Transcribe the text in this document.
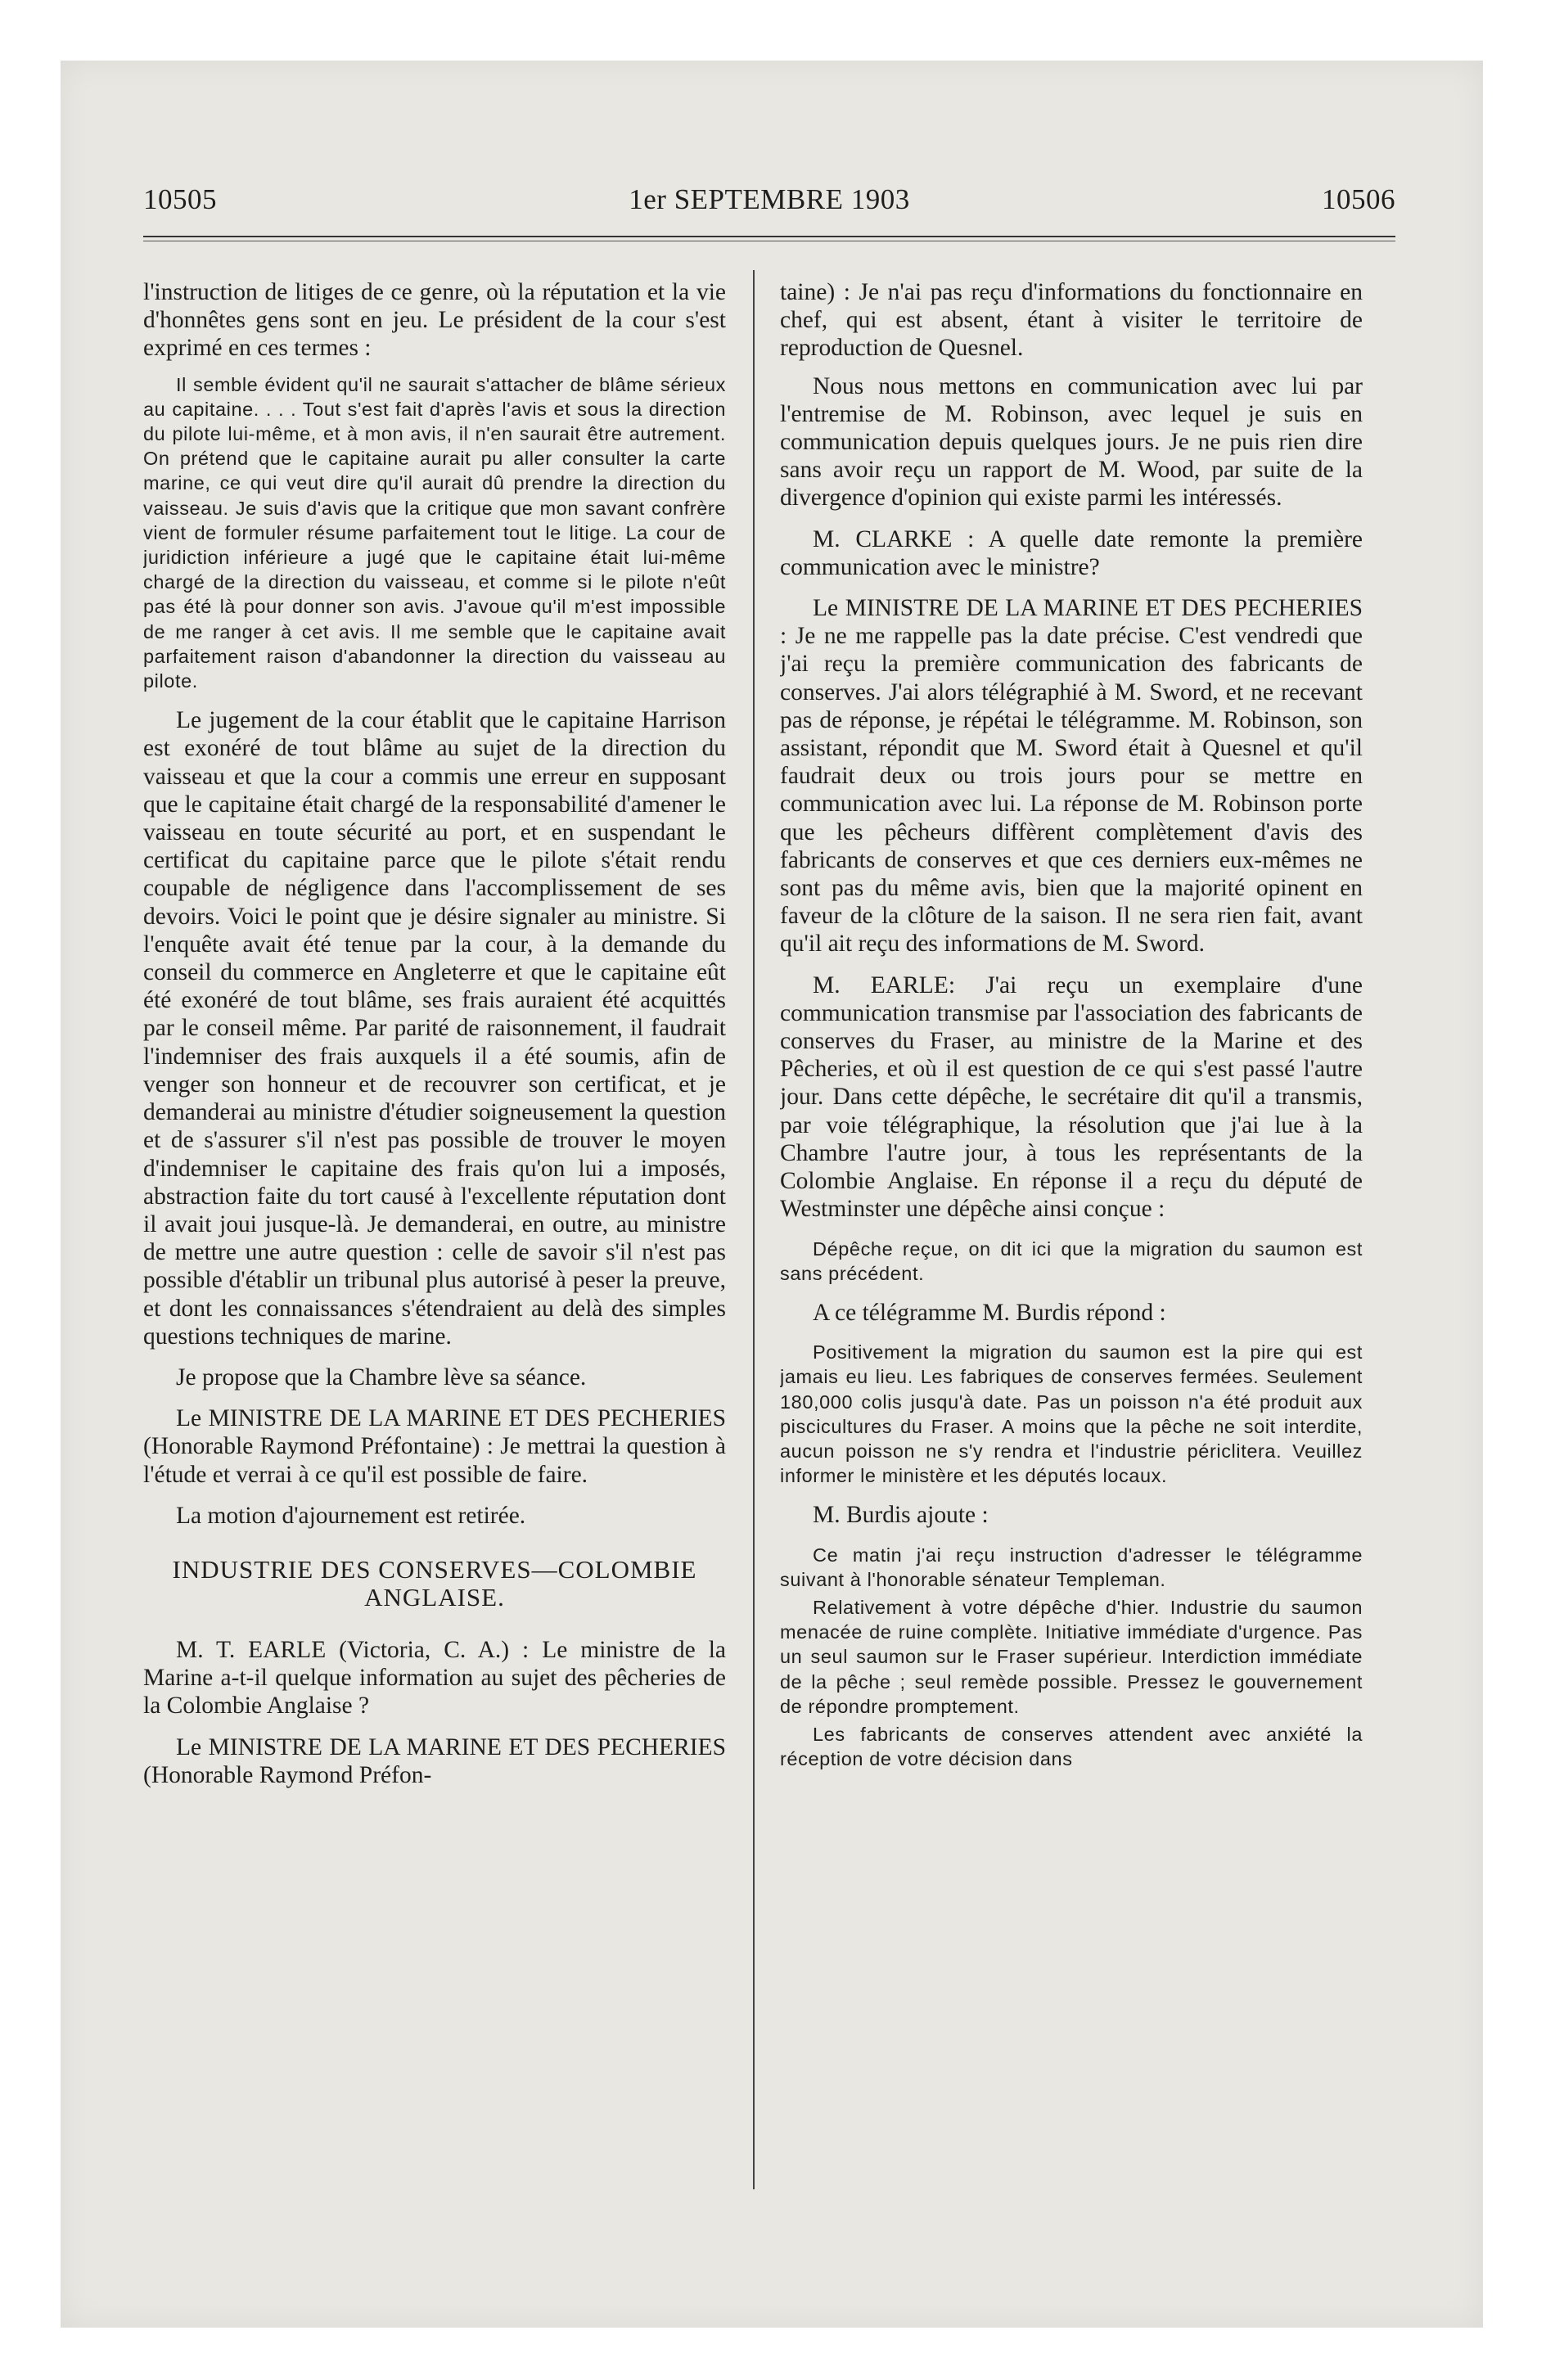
10505	1er SEPTEMBRE 1903	10506

l'instruction de litiges de ce genre, où la réputation et la vie d'honnêtes gens sont en jeu. Le président de la cour s'est exprimé en ces termes :

Il semble évident qu'il ne saurait s'attacher de blâme sérieux au capitaine. . . . Tout s'est fait d'après l'avis et sous la direction du pilote lui-même, et à mon avis, il n'en saurait être autrement. On prétend que le capitaine aurait pu aller consulter la carte marine, ce qui veut dire qu'il aurait dû prendre la direction du vaisseau. Je suis d'avis que la critique que mon savant confrère vient de formuler résume parfaitement tout le litige. La cour de juridiction inférieure a jugé que le capitaine était lui-même chargé de la direction du vaisseau, et comme si le pilote n'eût pas été là pour donner son avis. J'avoue qu'il m'est impossible de me ranger à cet avis. Il me semble que le capitaine avait parfaitement raison d'abandonner la direction du vaisseau au pilote.

Le jugement de la cour établit que le capitaine Harrison est exonéré de tout blâme au sujet de la direction du vaisseau et que la cour a commis une erreur en supposant que le capitaine était chargé de la responsabilité d'amener le vaisseau en toute sécurité au port, et en suspendant le certificat du capitaine parce que le pilote s'était rendu coupable de négligence dans l'accomplissement de ses devoirs. Voici le point que je désire signaler au ministre. Si l'enquête avait été tenue par la cour, à la demande du conseil du commerce en Angleterre et que le capitaine eût été exonéré de tout blâme, ses frais auraient été acquittés par le conseil même. Par parité de raisonnement, il faudrait l'indemniser des frais auxquels il a été soumis, afin de venger son honneur et de recouvrer son certificat, et je demanderai au ministre d'étudier soigneusement la question et de s'assurer s'il n'est pas possible de trouver le moyen d'indemniser le capitaine des frais qu'on lui a imposés, abstraction faite du tort causé à l'excellente réputation dont il avait joui jusque-là. Je demanderai, en outre, au ministre de mettre une autre question : celle de savoir s'il n'est pas possible d'établir un tribunal plus autorisé à peser la preuve, et dont les connaissances s'étendraient au delà des simples questions techniques de marine.

Je propose que la Chambre lève sa séance.

Le MINISTRE DE LA MARINE ET DES PECHERIES (Honorable Raymond Préfontaine) : Je mettrai la question à l'étude et verrai à ce qu'il est possible de faire.

La motion d'ajournement est retirée.

INDUSTRIE DES CONSERVES—COLOMBIE ANGLAISE.

M. T. EARLE (Victoria, C. A.) : Le ministre de la Marine a-t-il quelque information au sujet des pêcheries de la Colombie Anglaise ?

Le MINISTRE DE LA MARINE ET DES PECHERIES (Honorable Raymond Préfon-

taine) : Je n'ai pas reçu d'informations du fonctionnaire en chef, qui est absent, étant à visiter le territoire de reproduction de Quesnel.

Nous nous mettons en communication avec lui par l'entremise de M. Robinson, avec lequel je suis en communication depuis quelques jours. Je ne puis rien dire sans avoir reçu un rapport de M. Wood, par suite de la divergence d'opinion qui existe parmi les intéressés.

M. CLARKE : A quelle date remonte la première communication avec le ministre?

Le MINISTRE DE LA MARINE ET DES PECHERIES : Je ne me rappelle pas la date précise. C'est vendredi que j'ai reçu la première communication des fabricants de conserves. J'ai alors télégraphié à M. Sword, et ne recevant pas de réponse, je répétai le télégramme. M. Robinson, son assistant, répondit que M. Sword était à Quesnel et qu'il faudrait deux ou trois jours pour se mettre en communication avec lui. La réponse de M. Robinson porte que les pêcheurs diffèrent complètement d'avis des fabricants de conserves et que ces derniers eux-mêmes ne sont pas du même avis, bien que la majorité opinent en faveur de la clôture de la saison. Il ne sera rien fait, avant qu'il ait reçu des informations de M. Sword.

M. EARLE: J'ai reçu un exemplaire d'une communication transmise par l'association des fabricants de conserves du Fraser, au ministre de la Marine et des Pêcheries, et où il est question de ce qui s'est passé l'autre jour. Dans cette dépêche, le secrétaire dit qu'il a transmis, par voie télégraphique, la résolution que j'ai lue à la Chambre l'autre jour, à tous les représentants de la Colombie Anglaise. En réponse il a reçu du député de Westminster une dépêche ainsi conçue :

Dépêche reçue, on dit ici que la migration du saumon est sans précédent.

A ce télégramme M. Burdis répond :

Positivement la migration du saumon est la pire qui est jamais eu lieu. Les fabriques de conserves fermées. Seulement 180,000 colis jusqu'à date. Pas un poisson n'a été produit aux piscicultures du Fraser. A moins que la pêche ne soit interdite, aucun poisson ne s'y rendra et l'industrie périclitera. Veuillez informer le ministère et les députés locaux.

M. Burdis ajoute :

Ce matin j'ai reçu instruction d'adresser le télégramme suivant à l'honorable sénateur Templeman.

Relativement à votre dépêche d'hier. Industrie du saumon menacée de ruine complète. Initiative immédiate d'urgence. Pas un seul saumon sur le Fraser supérieur. Interdiction immédiate de la pêche ; seul remède possible. Pressez le gouvernement de répondre promptement.

Les fabricants de conserves attendent avec anxiété la réception de votre décision dans
